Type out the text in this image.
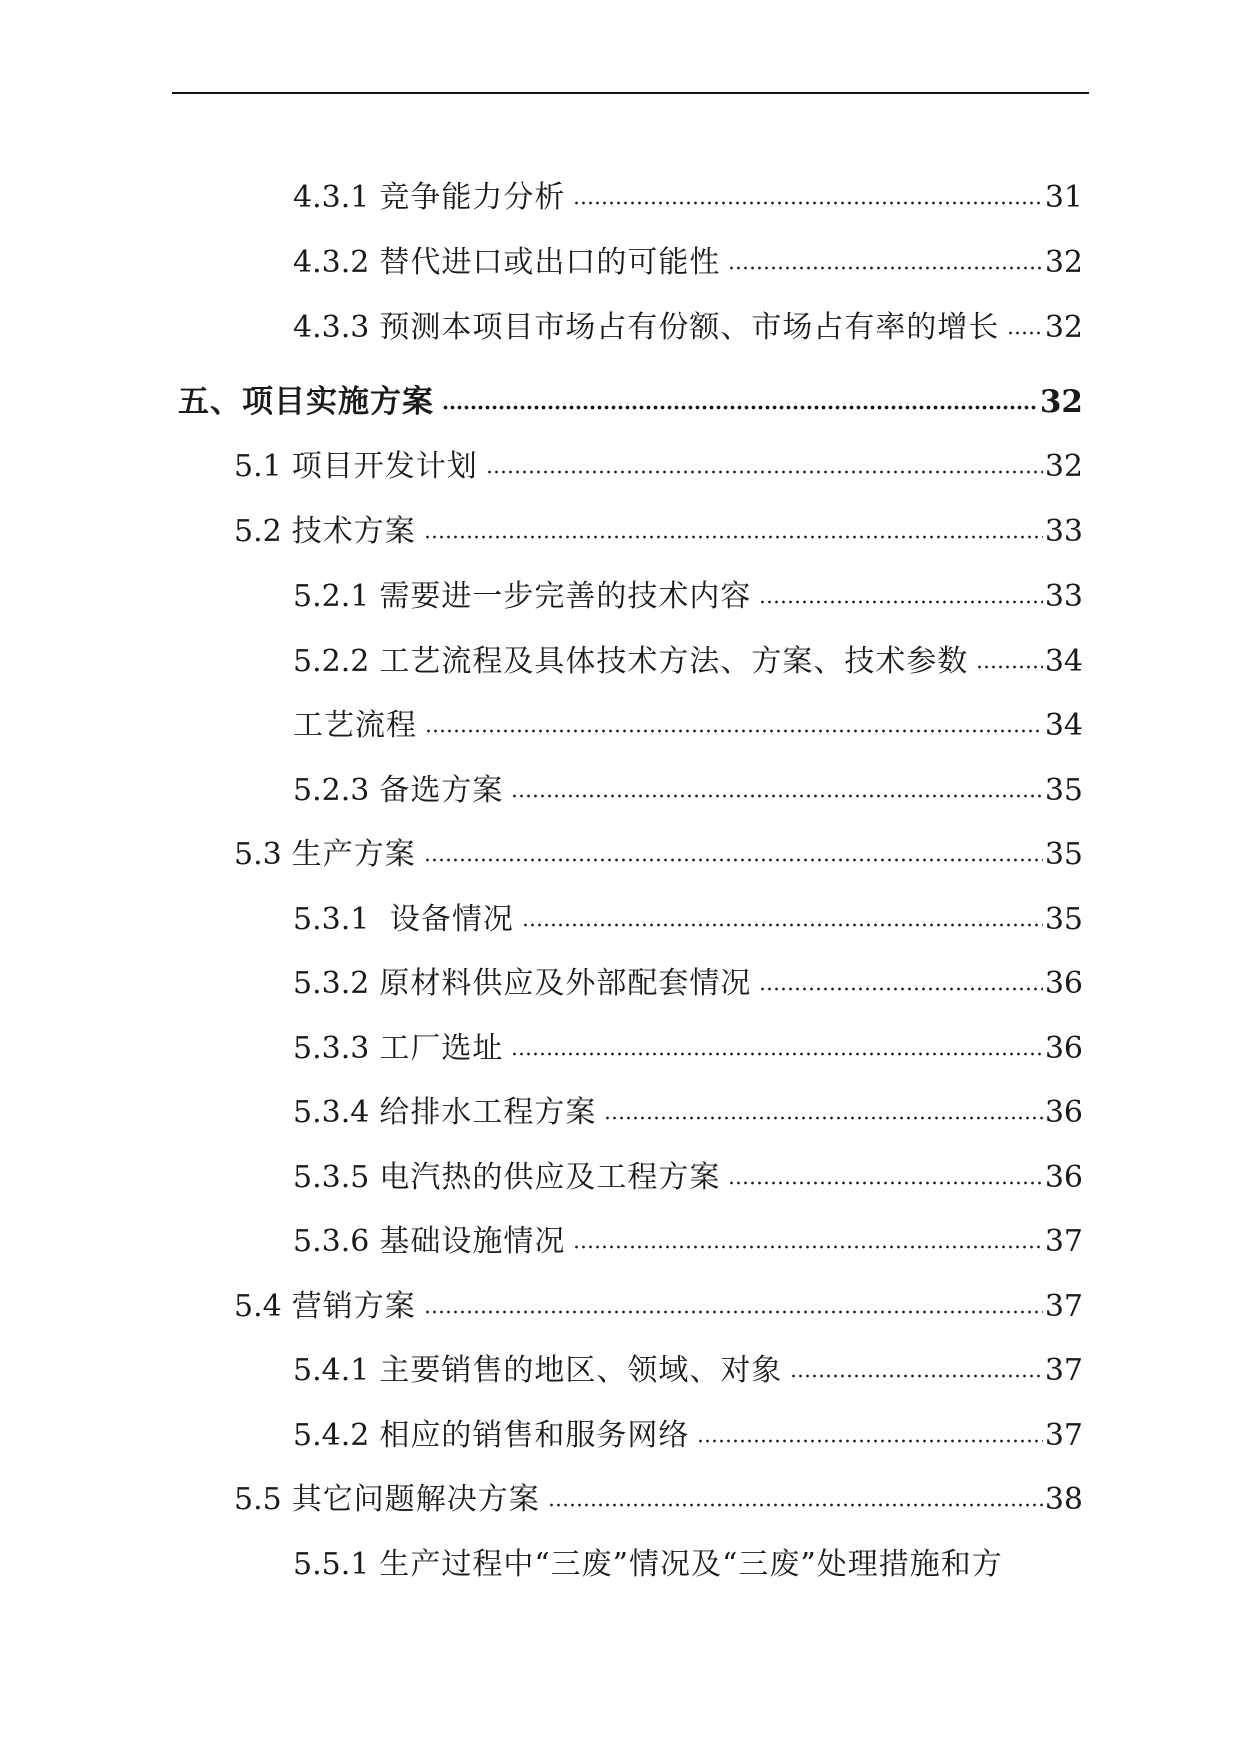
4.3.1 竞争能力分析	31
4.3.2 替代进口或出口的可能性	32
4.3.3 预测本项目市场占有份额、市场占有率的增长 32
五、项目实施方案	32
5.1 项目开发计划	32
5.2 技术方案	33
5.2.1 需要进一步完善的技术内容	33
5.2.2 工艺流程及具体技术方法、方案、技术参数	34
工艺流程	34
5.2.3 备选方案	35
5.3 生产方案	35
5.3.1 设备情况	35
5.3.2 原材料供应及外部配套情况	36
5.3.3 工厂选址	36
5.3.4 给排水工程方案	36
5.3.5 电汽热的供应及工程方案	36
5.3.6 基础设施情况	37
5.4 营销方案	37
5.4.1 主要销售的地区、领域、对象	37
5.4.2 相应的销售和服务网络	37
5.5 其它问题解决方案	38
5.5.1 生产过程中“三废”情况及“三废”处理措施和方
